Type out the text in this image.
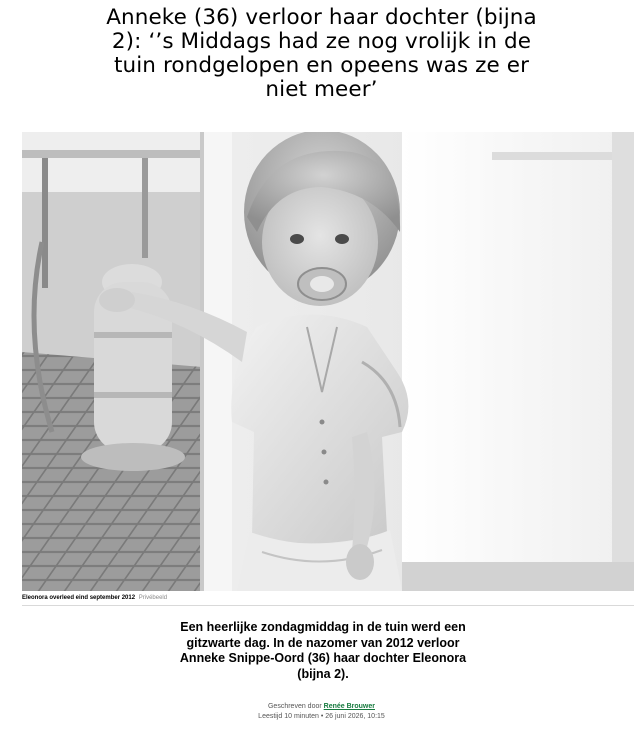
Anneke (36) verloor haar dochter (bijna 2): ‘’s Middags had ze nog vrolijk in de tuin rondgelopen en opeens was ze er niet meer’
Eleonora overleed eind september 2012 Privébeeld

Een heerlijke zondagmiddag in de tuin werd een gitzwarte dag. In de nazomer van 2012 verloor Anneke Snippe-Oord (36) haar dochter Eleonora (bijna 2).

Geschreven door Renée Brouwer
Leestijd 10 minuten • 26 juni 2026, 10:15
